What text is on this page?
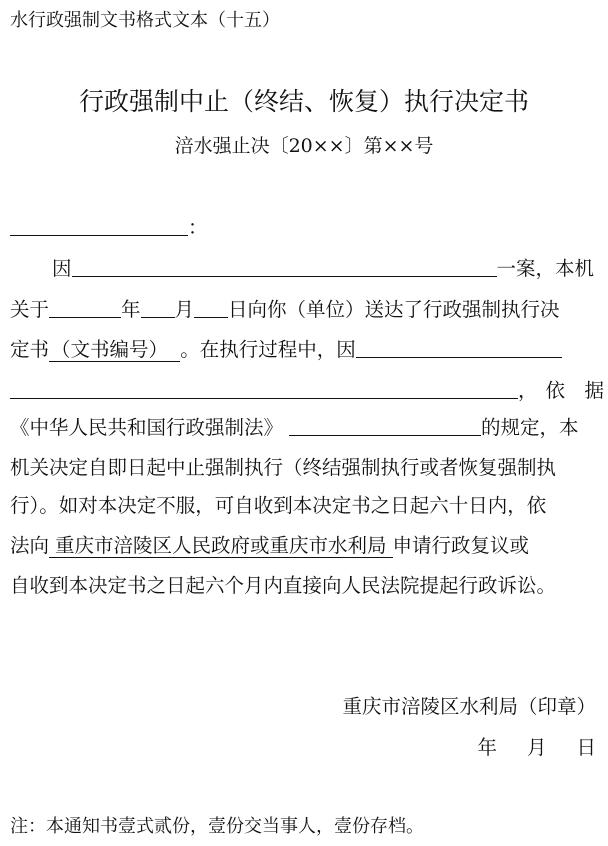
水行政强制文书格式文本（十五）
行政强制中止（终结、恢复）执行决定书
涪水强止决〔20××〕第××号
：
因	一案，本机
关于	年 月 日向你（单位）送达了行政强制执行决
定书 （文书编号） 。在执行过程中，因
， 依　据
《中华人民共和国行政强制法》	的规定，本
机关决定自即日起中止强制执行（终结强制执行或者恢复强制执
行）。如对本决定不服，可自收到本决定书之日起六十日内，依
法向 重庆市涪陵区人民政府或重庆市水利局 申请行政复议或
自收到本决定书之日起六个月内直接向人民法院提起行政诉讼。
重庆市涪陵区水利局（印章）
年 月 日
注：本通知书壹式贰份，壹份交当事人，壹份存档。
